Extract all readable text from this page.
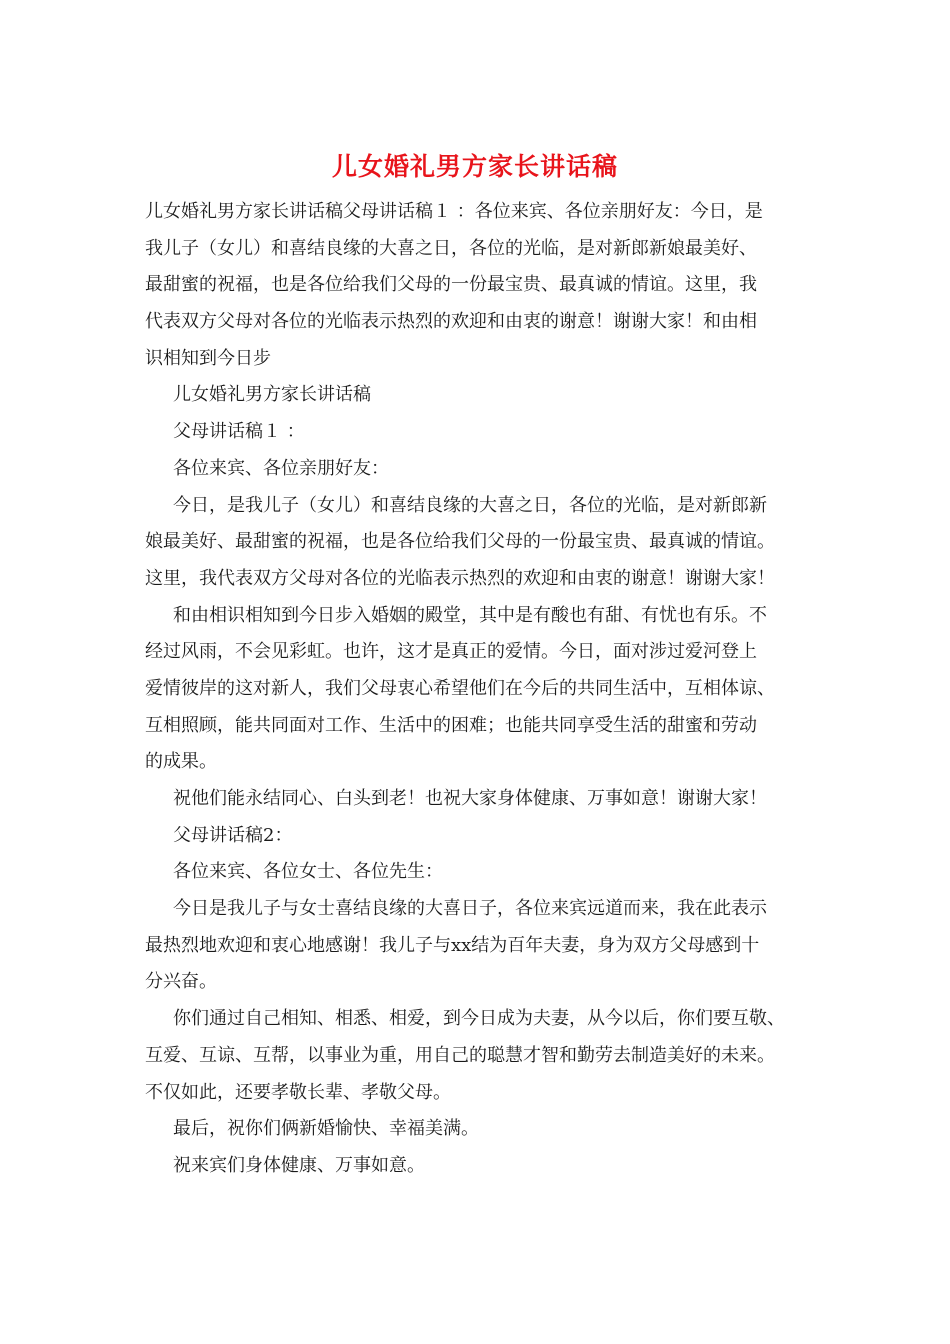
儿女婚礼男方家长讲话稿
儿女婚礼男方家长讲话稿父母讲话稿１ ：各位来宾、各位亲朋好友：今日，是
我儿子（女儿）和喜结良缘的大喜之日，各位的光临，是对新郎新娘最美好、
最甜蜜的祝福，也是各位给我们父母的一份最宝贵、最真诚的情谊。这里，我
代表双方父母对各位的光临表示热烈的欢迎和由衷的谢意！谢谢大家！和由相
识相知到今日步
儿女婚礼男方家长讲话稿
父母讲话稿１ ：
各位来宾、各位亲朋好友：
今日，是我儿子（女儿）和喜结良缘的大喜之日，各位的光临，是对新郎新
娘最美好、最甜蜜的祝福，也是各位给我们父母的一份最宝贵、最真诚的情谊。
这里，我代表双方父母对各位的光临表示热烈的欢迎和由衷的谢意！谢谢大家！
和由相识相知到今日步入婚姻的殿堂，其中是有酸也有甜、有忧也有乐。不
经过风雨，不会见彩虹。也许，这才是真正的爱情。今日，面对涉过爱河登上
爱情彼岸的这对新人，我们父母衷心希望他们在今后的共同生活中，互相体谅、
互相照顾，能共同面对工作、生活中的困难；也能共同享受生活的甜蜜和劳动
的成果。
祝他们能永结同心、白头到老！也祝大家身体健康、万事如意！谢谢大家！
父母讲话稿2：
各位来宾、各位女士、各位先生：
今日是我儿子与女士喜结良缘的大喜日子，各位来宾远道而来，我在此表示
最热烈地欢迎和衷心地感谢！我儿子与xx结为百年夫妻，身为双方父母感到十
分兴奋。
你们通过自己相知、相悉、相爱，到今日成为夫妻，从今以后，你们要互敬、
互爱、互谅、互帮，以事业为重，用自己的聪慧才智和勤劳去制造美好的未来。
不仅如此，还要孝敬长辈、孝敬父母。
最后，祝你们俩新婚愉快、幸福美满。
祝来宾们身体健康、万事如意。
